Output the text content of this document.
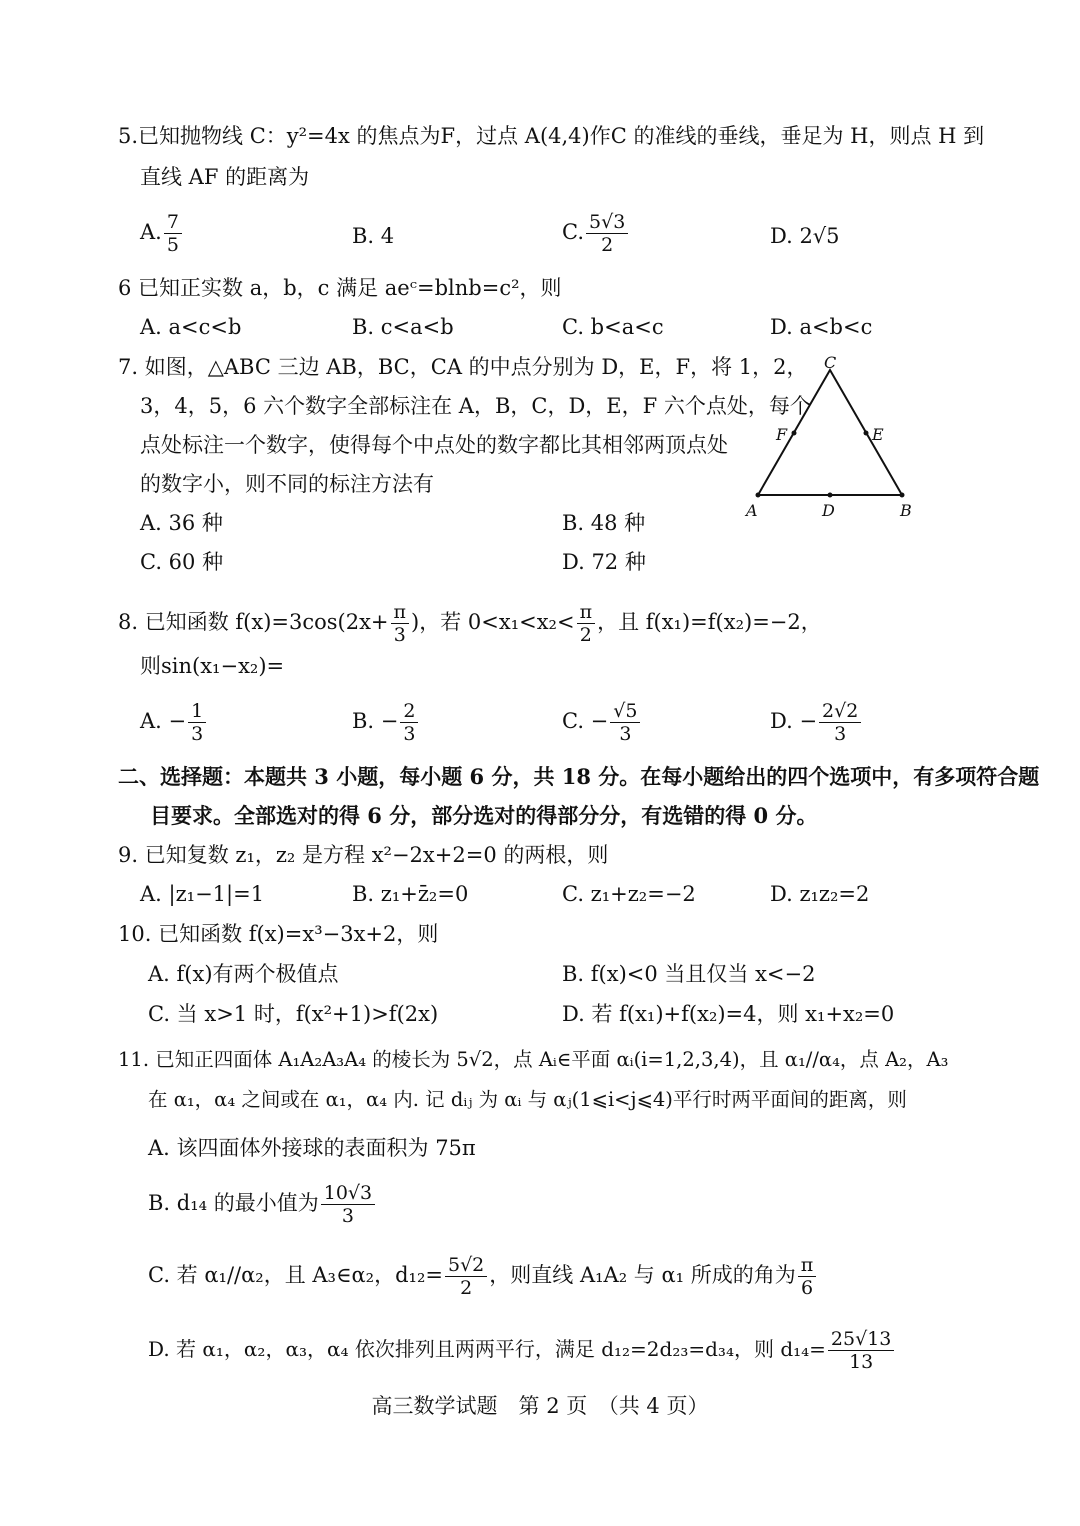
5.已知抛物线 C：y²=4x 的焦点为F，过点 A(4,4)作C 的准线的垂线，垂足为 H，则点 H 到
直线 AF 的距离为
A. $\frac{7}{5}$	B. 4	C. $\frac{5√3}{2}$	D. 2√5
6 已知正实数 a，b，c 满足 aeᶜ=blnb=c²，则
A. a<c<b	B. c<a<b	C. b<a<c	D. a<b<c
7. 如图，△ABC 三边 AB，BC，CA 的中点分别为 D，E，F，将 1，2，
3，4，5，6 六个数字全部标注在 A，B，C，D，E，F 六个点处，每个
点处标注一个数字，使得每个中点处的数字都比其相邻两顶点处
的数字小，则不同的标注方法有
A. 36 种	B. 48 种
C. 60 种	D. 72 种
C
A	B
D
E
F
8. 已知函数 $f(x)=3\cos(2x+ \frac{\pi}{3}$ )，若 $0<x_1<x_2< \frac{\pi}{2}$ ，且 f(x₁)=f(x₂)=−2，
则sin(x₁−x₂)=
A. − $\frac{1}{3}$	B. − $\frac{2}{3}$	C. − $\frac{√5}{3}$	D. − $\frac{2√2}{3}$
二、选择题：本题共 3 小题，每小题 6 分，共 18 分。在每小题给出的四个选项中，有多项符合题
目要求。全部选对的得 6 分，部分选对的得部分分，有选错的得 0 分。
9. 已知复数 z₁，z₂ 是方程 x²−2x+2=0 的两根，则
A. |z₁−1|=1	B. z₁+z̄₂=0	C. z₁+z₂=−2	D. z₁z₂=2
10. 已知函数 f(x)=x³−3x+2，则
A. f(x)有两个极值点	B. f(x)<0 当且仅当 x<−2
C. 当 x>1 时，f(x²+1)>f(2x)	D. 若 f(x₁)+f(x₂)=4，则 x₁+x₂=0
11. 已知正四面体 A₁A₂A₃A₄ 的棱长为 5√2，点 Aᵢ∈平面 αᵢ(i=1,2,3,4)，且 α₁//α₄，点 A₂，A₃
在 α₁，α₄ 之间或在 α₁，α₄ 内. 记 dᵢⱼ 为 αᵢ 与 αⱼ(1⩽i<j⩽4)平行时两平面间的距离，则
A. 该四面体外接球的表面积为 75π
B. d₁₄ 的最小值为 $\frac{10√3}{3}$
C. 若 α₁//α₂，且 A₃∈α₂，$d_{12}= \frac{5√2}{2}$ ，则直线 A₁A₂ 与 α₁ 所成的角为 $\frac{\pi}{6}$
D. 若 α₁，α₂，α₃，α₄ 依次排列且两两平行，满足 d₁₂=2d₂₃=d₃₄，则 $d_{14}= \frac{25√13}{13}$
高三数学试题　第 2 页　（共 4 页）
